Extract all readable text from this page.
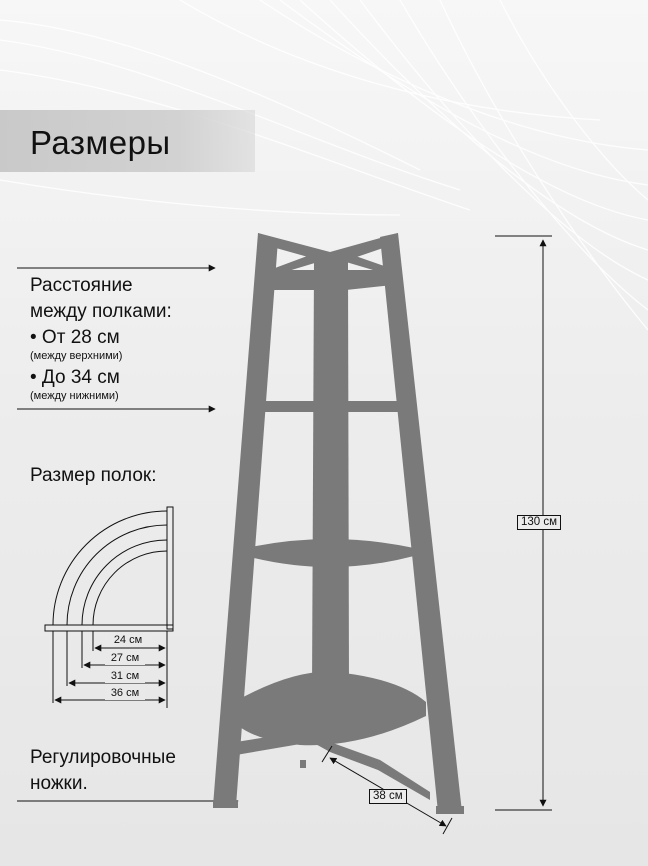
Размеры
Расстояние
между полками:
• От 28 см
(между верхними)
• До 34 см
(между нижними)
Размер полок:
Регулировочные
ножки.
24 см
27 см
31 см
36 см
130 см
38 см
